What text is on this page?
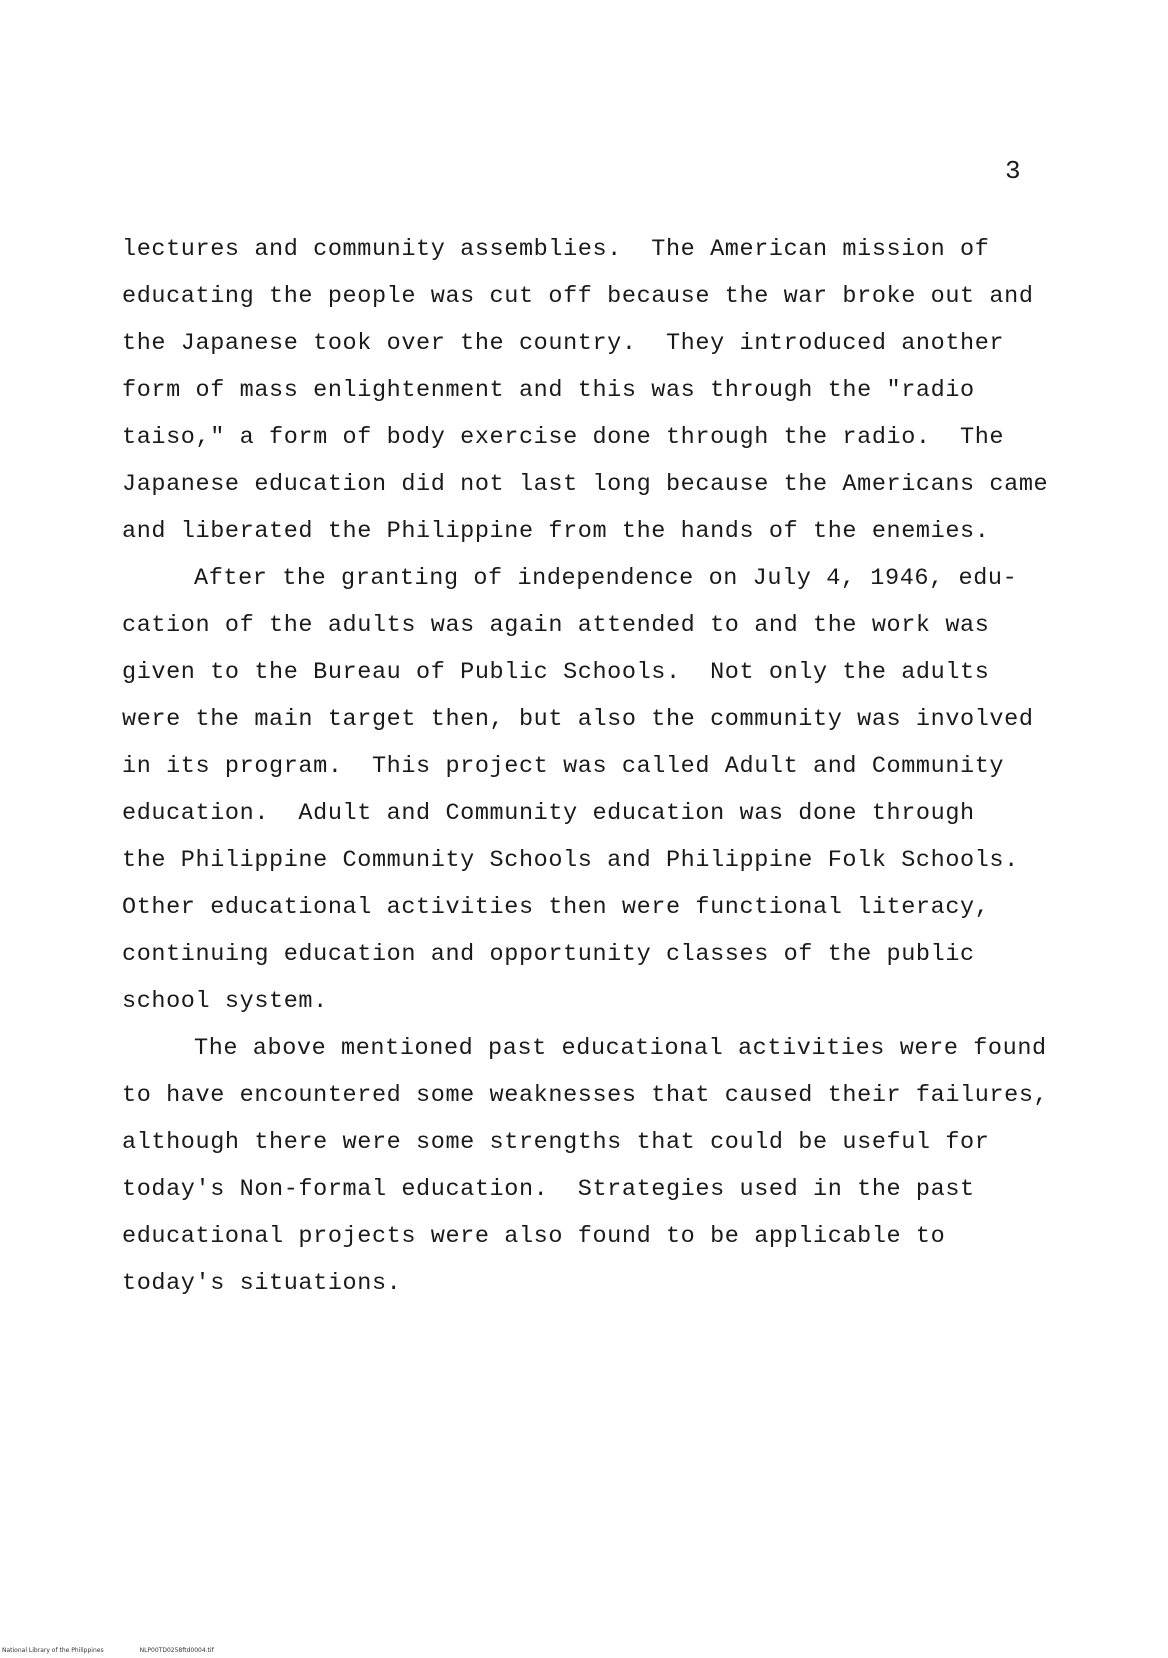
3
lectures and community assemblies.  The American mission of
educating the people was cut off because the war broke out and
the Japanese took over the country.  They introduced another
form of mass enlightenment and this was through the "radio
taiso," a form of body exercise done through the radio.  The
Japanese education did not last long because the Americans came
and liberated the Philippine from the hands of the enemies.
After the granting of independence on July 4, 1946, edu-
cation of the adults was again attended to and the work was
given to the Bureau of Public Schools.  Not only the adults
were the main target then, but also the community was involved
in its program.  This project was called Adult and Community
education.  Adult and Community education was done through
the Philippine Community Schools and Philippine Folk Schools.
Other educational activities then were functional literacy,
continuing education and opportunity classes of the public
school system.
The above mentioned past educational activities were found
to have encountered some weaknesses that caused their failures,
although there were some strengths that could be useful for
today's Non-formal education.  Strategies used in the past
educational projects were also found to be applicable to
today's situations.
National Library of the Philippines	NLP00TD0258ftd0004.tif
